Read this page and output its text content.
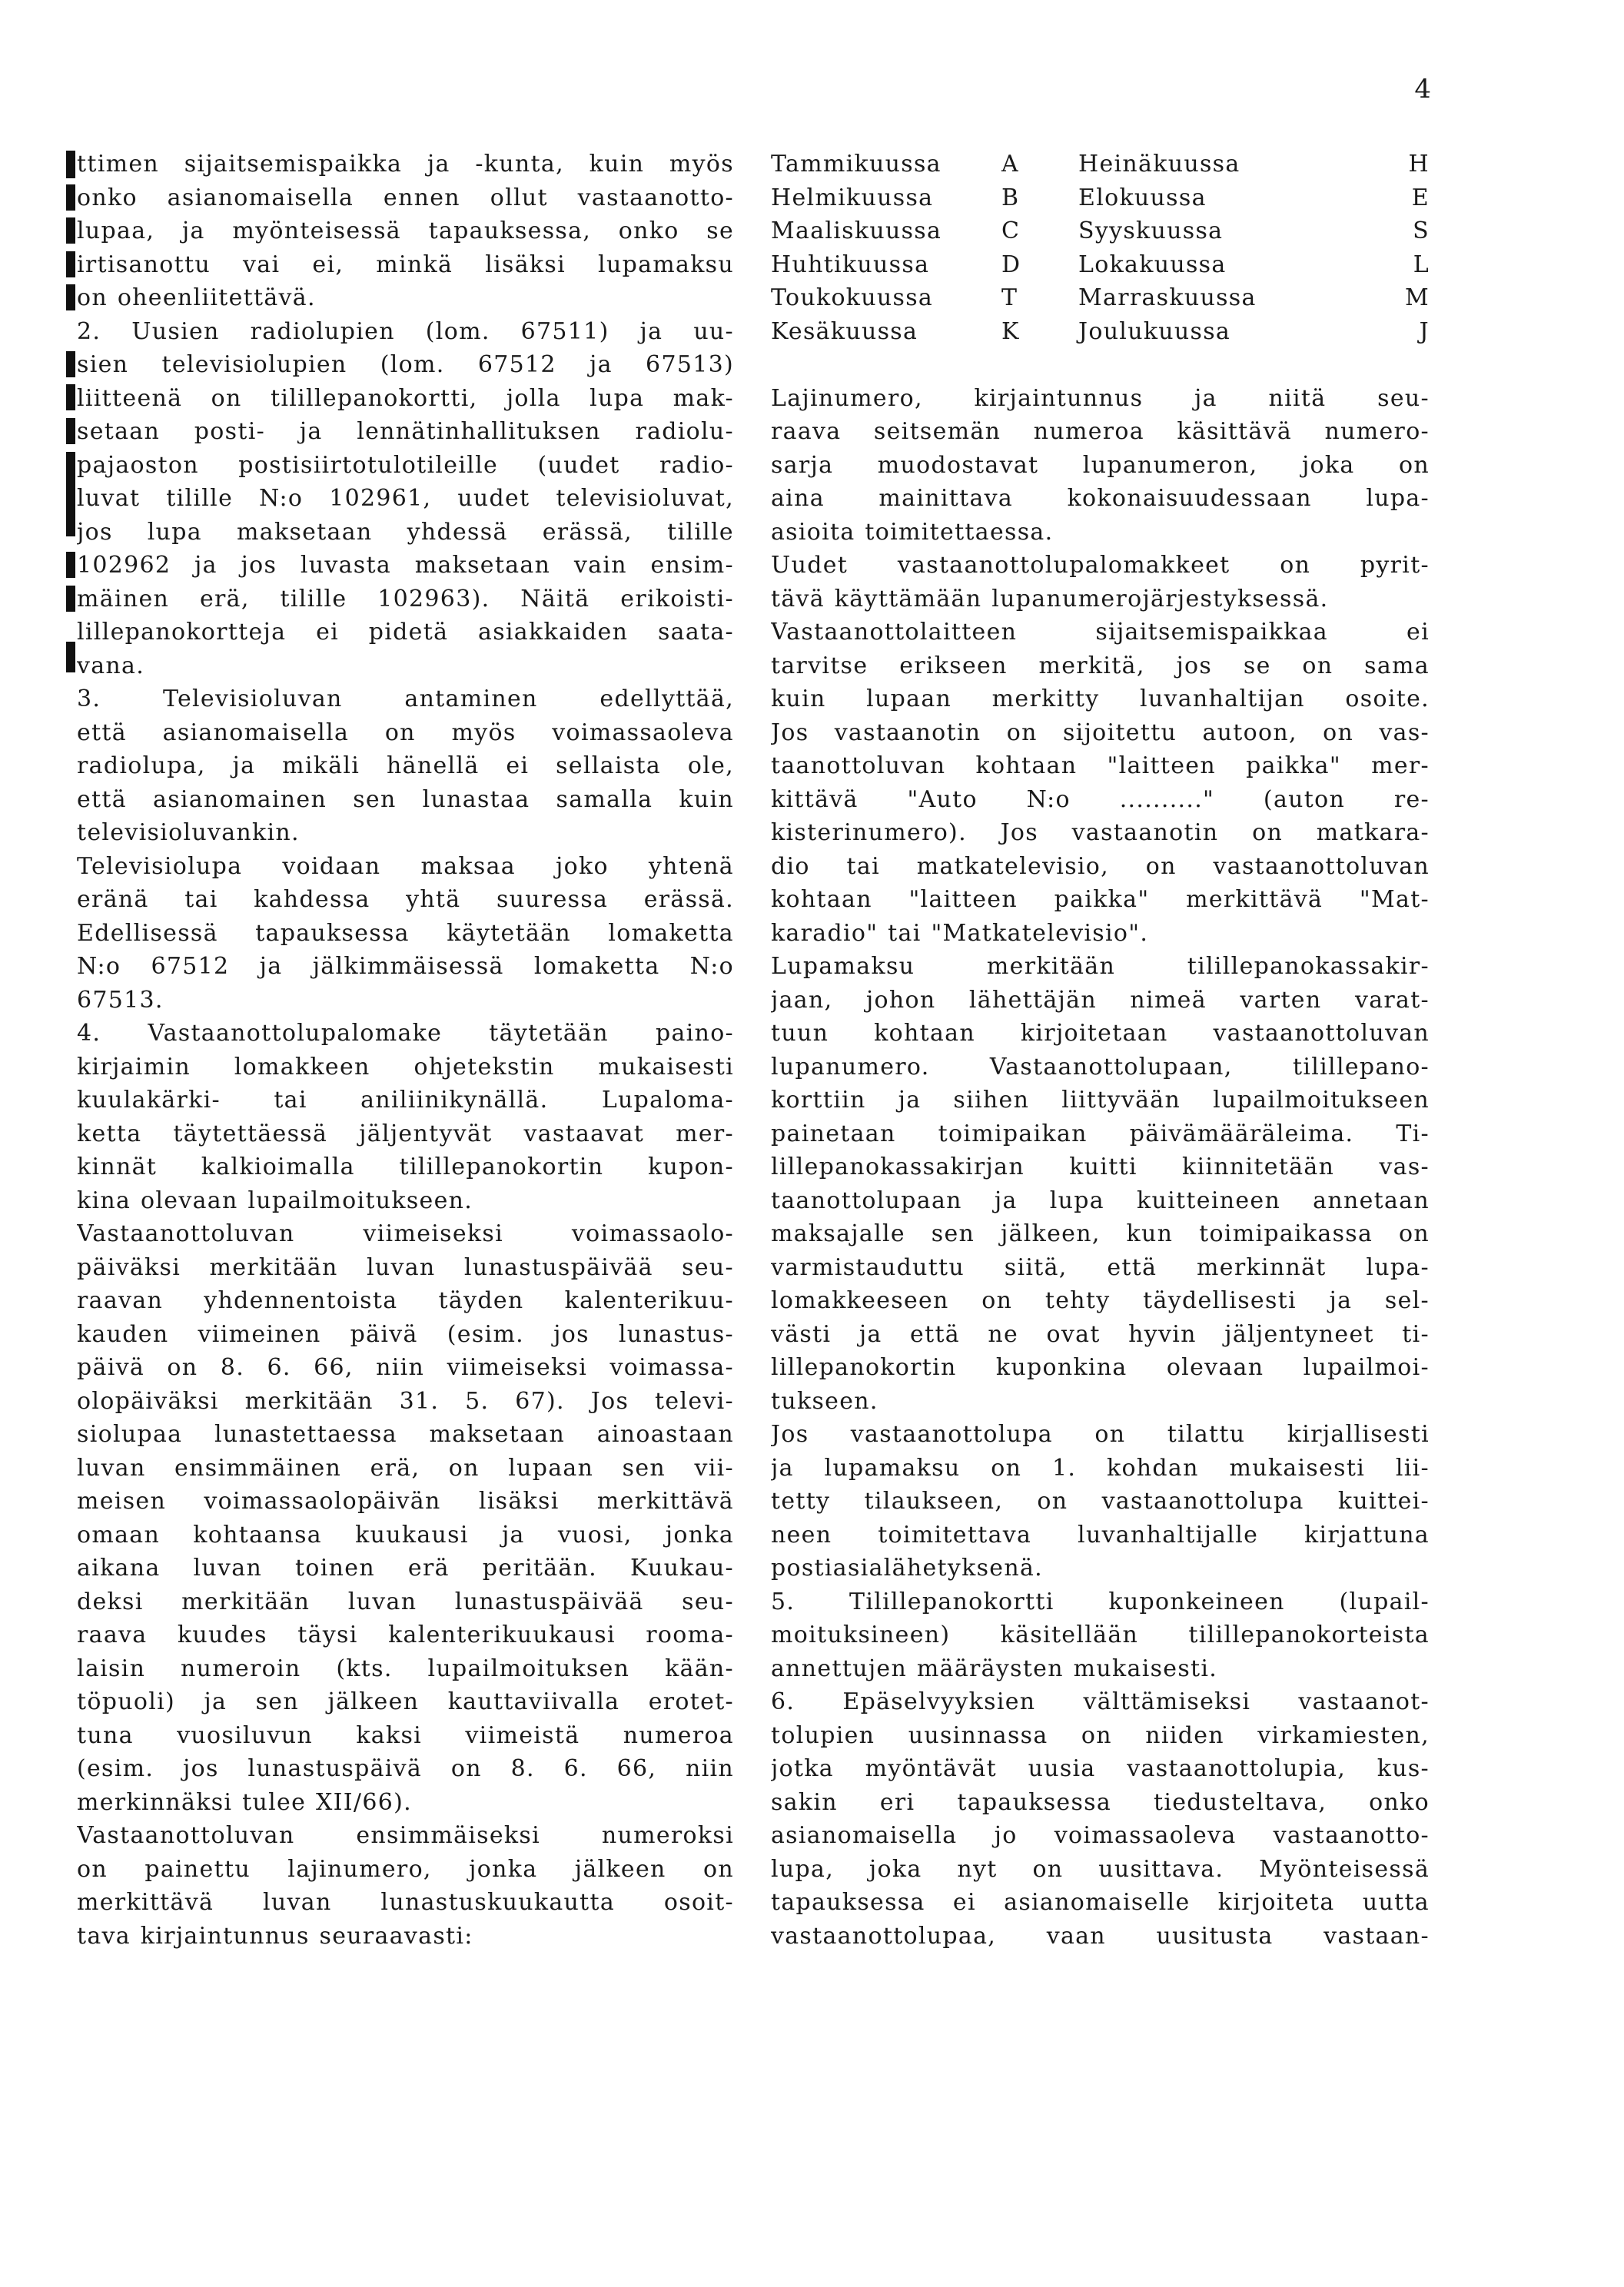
4
ttimen sijaitsemispaikka ja -kunta, kuin myös
onko asianomaisella ennen ollut vastaanotto-
lupaa, ja myönteisessä tapauksessa, onko se
irtisanottu vai ei, minkä lisäksi lupamaksu
on oheenliitettävä.
2. Uusien radiolupien (lom. 67511) ja uu-
sien televisiolupien (lom. 67512 ja 67513)
liitteenä on tilillepanokortti, jolla lupa mak-
setaan posti- ja lennätinhallituksen radiolu-
pajaoston postisiirtotulotileille (uudet radio-
luvat tilille N:o 102961, uudet televisioluvat,
jos lupa maksetaan yhdessä erässä, tilille
102962 ja jos luvasta maksetaan vain ensim-
mäinen erä, tilille 102963). Näitä erikoisti-
lillepanokortteja ei pidetä asiakkaiden saata-
vana.
3. Televisioluvan antaminen edellyttää,
että asianomaisella on myös voimassaoleva
radiolupa, ja mikäli hänellä ei sellaista ole,
että asianomainen sen lunastaa samalla kuin
televisioluvankin.
Televisiolupa voidaan maksaa joko yhtenä
eränä tai kahdessa yhtä suuressa erässä.
Edellisessä tapauksessa käytetään lomaketta
N:o 67512 ja jälkimmäisessä lomaketta N:o
67513.
4. Vastaanottolupalomake täytetään paino-
kirjaimin lomakkeen ohjetekstin mukaisesti
kuulakärki- tai aniliinikynällä. Lupaloma-
ketta täytettäessä jäljentyvät vastaavat mer-
kinnät kalkioimalla tilillepanokortin kupon-
kina olevaan lupailmoitukseen.
Vastaanottoluvan viimeiseksi voimassaolo-
päiväksi merkitään luvan lunastuspäivää seu-
raavan yhdennentoista täyden kalenterikuu-
kauden viimeinen päivä (esim. jos lunastus-
päivä on 8. 6. 66, niin viimeiseksi voimassa-
olopäiväksi merkitään 31. 5. 67). Jos televi-
siolupaa lunastettaessa maksetaan ainoastaan
luvan ensimmäinen erä, on lupaan sen vii-
meisen voimassaolopäivän lisäksi merkittävä
omaan kohtaansa kuukausi ja vuosi, jonka
aikana luvan toinen erä peritään. Kuukau-
deksi merkitään luvan lunastuspäivää seu-
raava kuudes täysi kalenterikuukausi rooma-
laisin numeroin (kts. lupailmoituksen kään-
töpuoli) ja sen jälkeen kauttaviivalla erotet-
tuna vuosiluvun kaksi viimeistä numeroa
(esim. jos lunastuspäivä on 8. 6. 66, niin
merkinnäksi tulee XII/66).
Vastaanottoluvan ensimmäiseksi numeroksi
on painettu lajinumero, jonka jälkeen on
merkittävä luvan lunastuskuukautta osoit-
tava kirjaintunnus seuraavasti:
Tammikuussa	A	Heinäkuussa	H
Helmikuussa	B	Elokuussa	E
Maaliskuussa	C	Syyskuussa	S
Huhtikuussa	D	Lokakuussa	L
Toukokuussa	T	Marraskuussa	M
Kesäkuussa	K	Joulukuussa	J
Lajinumero, kirjaintunnus ja niitä seu-
raava seitsemän numeroa käsittävä numero-
sarja muodostavat lupanumeron, joka on
aina mainittava kokonaisuudessaan lupa-
asioita toimitettaessa.
Uudet vastaanottolupalomakkeet on pyrit-
tävä käyttämään lupanumerojärjestyksessä.
Vastaanottolaitteen sijaitsemispaikkaa ei
tarvitse erikseen merkitä, jos se on sama
kuin lupaan merkitty luvanhaltijan osoite.
Jos vastaanotin on sijoitettu autoon, on vas-
taanottoluvan kohtaan "laitteen paikka" mer-
kittävä "Auto N:o .........." (auton re-
kisterinumero). Jos vastaanotin on matkara-
dio tai matkatelevisio, on vastaanottoluvan
kohtaan "laitteen paikka" merkittävä "Mat-
karadio" tai "Matkatelevisio".
Lupamaksu merkitään tilillepanokassakir-
jaan, johon lähettäjän nimeä varten varat-
tuun kohtaan kirjoitetaan vastaanottoluvan
lupanumero. Vastaanottolupaan, tilillepano-
korttiin ja siihen liittyvään lupailmoitukseen
painetaan toimipaikan päivämääräleima. Ti-
lillepanokassakirjan kuitti kiinnitetään vas-
taanottolupaan ja lupa kuitteineen annetaan
maksajalle sen jälkeen, kun toimipaikassa on
varmistauduttu siitä, että merkinnät lupa-
lomakkeeseen on tehty täydellisesti ja sel-
västi ja että ne ovat hyvin jäljentyneet ti-
lillepanokortin kuponkina olevaan lupailmoi-
tukseen.
Jos vastaanottolupa on tilattu kirjallisesti
ja lupamaksu on 1. kohdan mukaisesti lii-
tetty tilaukseen, on vastaanottolupa kuittei-
neen toimitettava luvanhaltijalle kirjattuna
postiasialähetyksenä.
5. Tilillepanokortti kuponkeineen (lupail-
moituksineen) käsitellään tilillepanokorteista
annettujen määräysten mukaisesti.
6. Epäselvyyksien välttämiseksi vastaanot-
tolupien uusinnassa on niiden virkamiesten,
jotka myöntävät uusia vastaanottolupia, kus-
sakin eri tapauksessa tiedusteltava, onko
asianomaisella jo voimassaoleva vastaanotto-
lupa, joka nyt on uusittava. Myönteisessä
tapauksessa ei asianomaiselle kirjoiteta uutta
vastaanottolupaa, vaan uusitusta vastaan-
